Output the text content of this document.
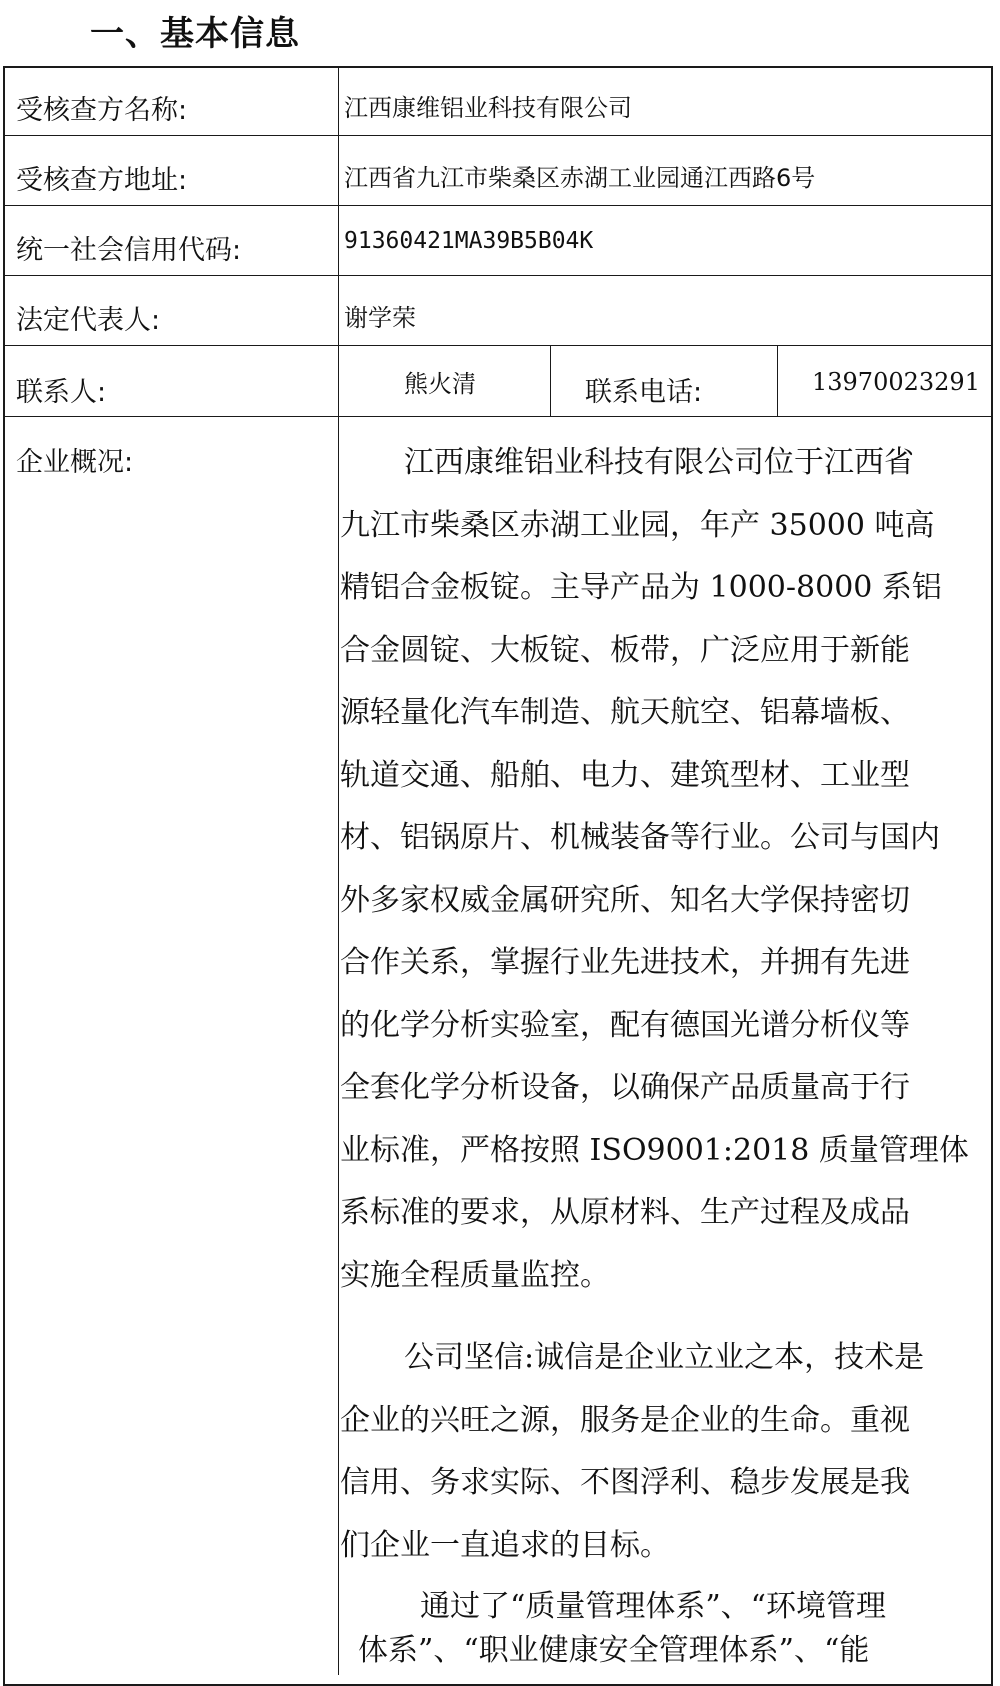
一、基本信息
受核查方名称:
受核查方地址:
统一社会信用代码:
法定代表人:
联系人:
企业概况:
江西康维铝业科技有限公司
江西省九江市柴桑区赤湖工业园通江西路6号
91360421MA39B5B04K
谢学荣
熊火清	联系电话:	13970023291
江西康维铝业科技有限公司位于江西省
九江市柴桑区赤湖工业园，年产 35000 吨高
精铝合金板锭。主导产品为 1000-8000 系铝
合金圆锭、大板锭、板带，广泛应用于新能
源轻量化汽车制造、航天航空、铝幕墙板、
轨道交通、船舶、电力、建筑型材、工业型
材、铝锅原片、机械装备等行业。公司与国内
外多家权威金属研究所、知名大学保持密切
合作关系，掌握行业先进技术，并拥有先进
的化学分析实验室，配有德国光谱分析仪等
全套化学分析设备，以确保产品质量高于行
业标准，严格按照 ISO9001:2018 质量管理体
系标准的要求，从原材料、生产过程及成品
实施全程质量监控。
公司坚信:诚信是企业立业之本，技术是
企业的兴旺之源，服务是企业的生命。重视
信用、务求实际、不图浮利、稳步发展是我
们企业一直追求的目标。
通过了“质量管理体系”、“环境管理
体系”、“职业健康安全管理体系”、“能
